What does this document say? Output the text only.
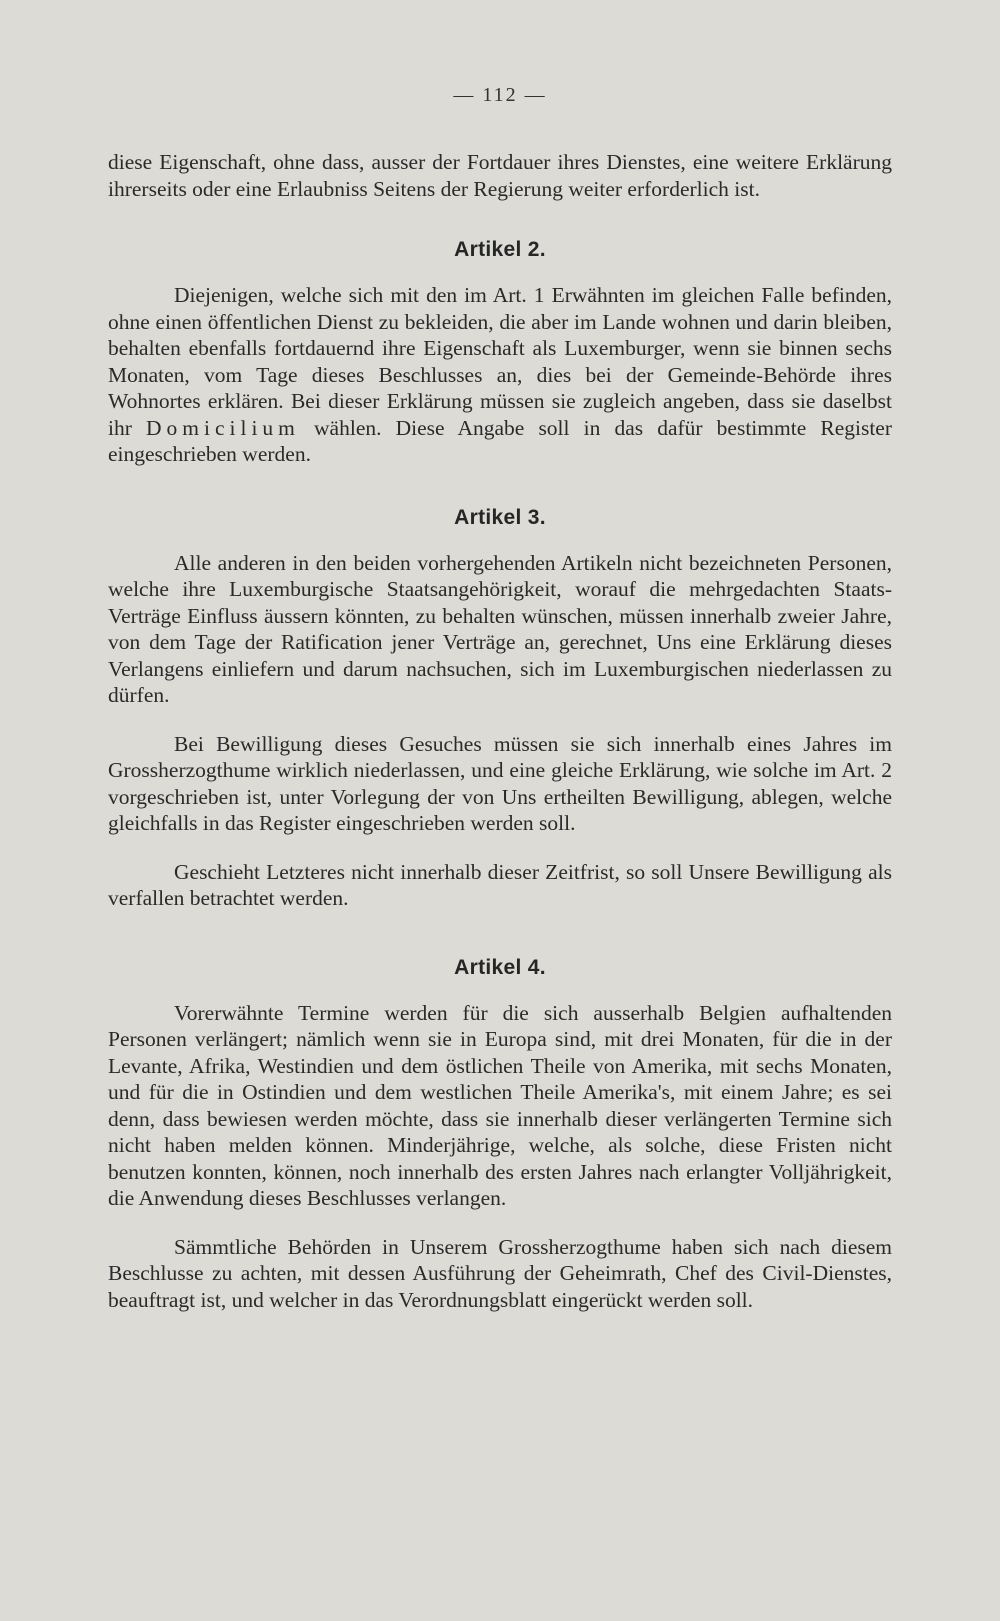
— 112 —

diese Eigenschaft, ohne dass, ausser der Fortdauer ihres Dienstes, eine weitere Erklärung ihrerseits oder eine Erlaubniss Seitens der Regierung weiter erforderlich ist.

Artikel 2.

Diejenigen, welche sich mit den im Art. 1 Erwähnten im gleichen Falle befinden, ohne einen öffentlichen Dienst zu bekleiden, die aber im Lande wohnen und darin bleiben, behalten ebenfalls fortdauernd ihre Eigenschaft als Luxemburger, wenn sie binnen sechs Monaten, vom Tage dieses Beschlusses an, dies bei der Gemeinde-Behörde ihres Wohnortes erklären. Bei dieser Erklärung müssen sie zugleich angeben, dass sie daselbst ihr Domicilium wählen. Diese Angabe soll in das dafür bestimmte Register eingeschrieben werden.

Artikel 3.

Alle anderen in den beiden vorhergehenden Artikeln nicht bezeichneten Personen, welche ihre Luxemburgische Staatsangehörigkeit, worauf die mehrgedachten Staats-Verträge Einfluss äussern könnten, zu behalten wünschen, müssen innerhalb zweier Jahre, von dem Tage der Ratification jener Verträge an, gerechnet, Uns eine Erklärung dieses Verlangens einliefern und darum nachsuchen, sich im Luxemburgischen niederlassen zu dürfen.

Bei Bewilligung dieses Gesuches müssen sie sich innerhalb eines Jahres im Grossherzogthume wirklich niederlassen, und eine gleiche Erklärung, wie solche im Art. 2 vorgeschrieben ist, unter Vorlegung der von Uns ertheilten Bewilligung, ablegen, welche gleichfalls in das Register eingeschrieben werden soll.

Geschieht Letzteres nicht innerhalb dieser Zeitfrist, so soll Unsere Bewilligung als verfallen betrachtet werden.

Artikel 4.

Vorerwähnte Termine werden für die sich ausserhalb Belgien aufhaltenden Personen verlängert; nämlich wenn sie in Europa sind, mit drei Monaten, für die in der Levante, Afrika, Westindien und dem östlichen Theile von Amerika, mit sechs Monaten, und für die in Ostindien und dem westlichen Theile Amerika's, mit einem Jahre; es sei denn, dass bewiesen werden möchte, dass sie innerhalb dieser verlängerten Termine sich nicht haben melden können. Minderjährige, welche, als solche, diese Fristen nicht benutzen konnten, können, noch innerhalb des ersten Jahres nach erlangter Volljährigkeit, die Anwendung dieses Beschlusses verlangen.

Sämmtliche Behörden in Unserem Grossherzogthume haben sich nach diesem Beschlusse zu achten, mit dessen Ausführung der Geheimrath, Chef des Civil-Dienstes, beauftragt ist, und welcher in das Verordnungsblatt eingerückt werden soll.
